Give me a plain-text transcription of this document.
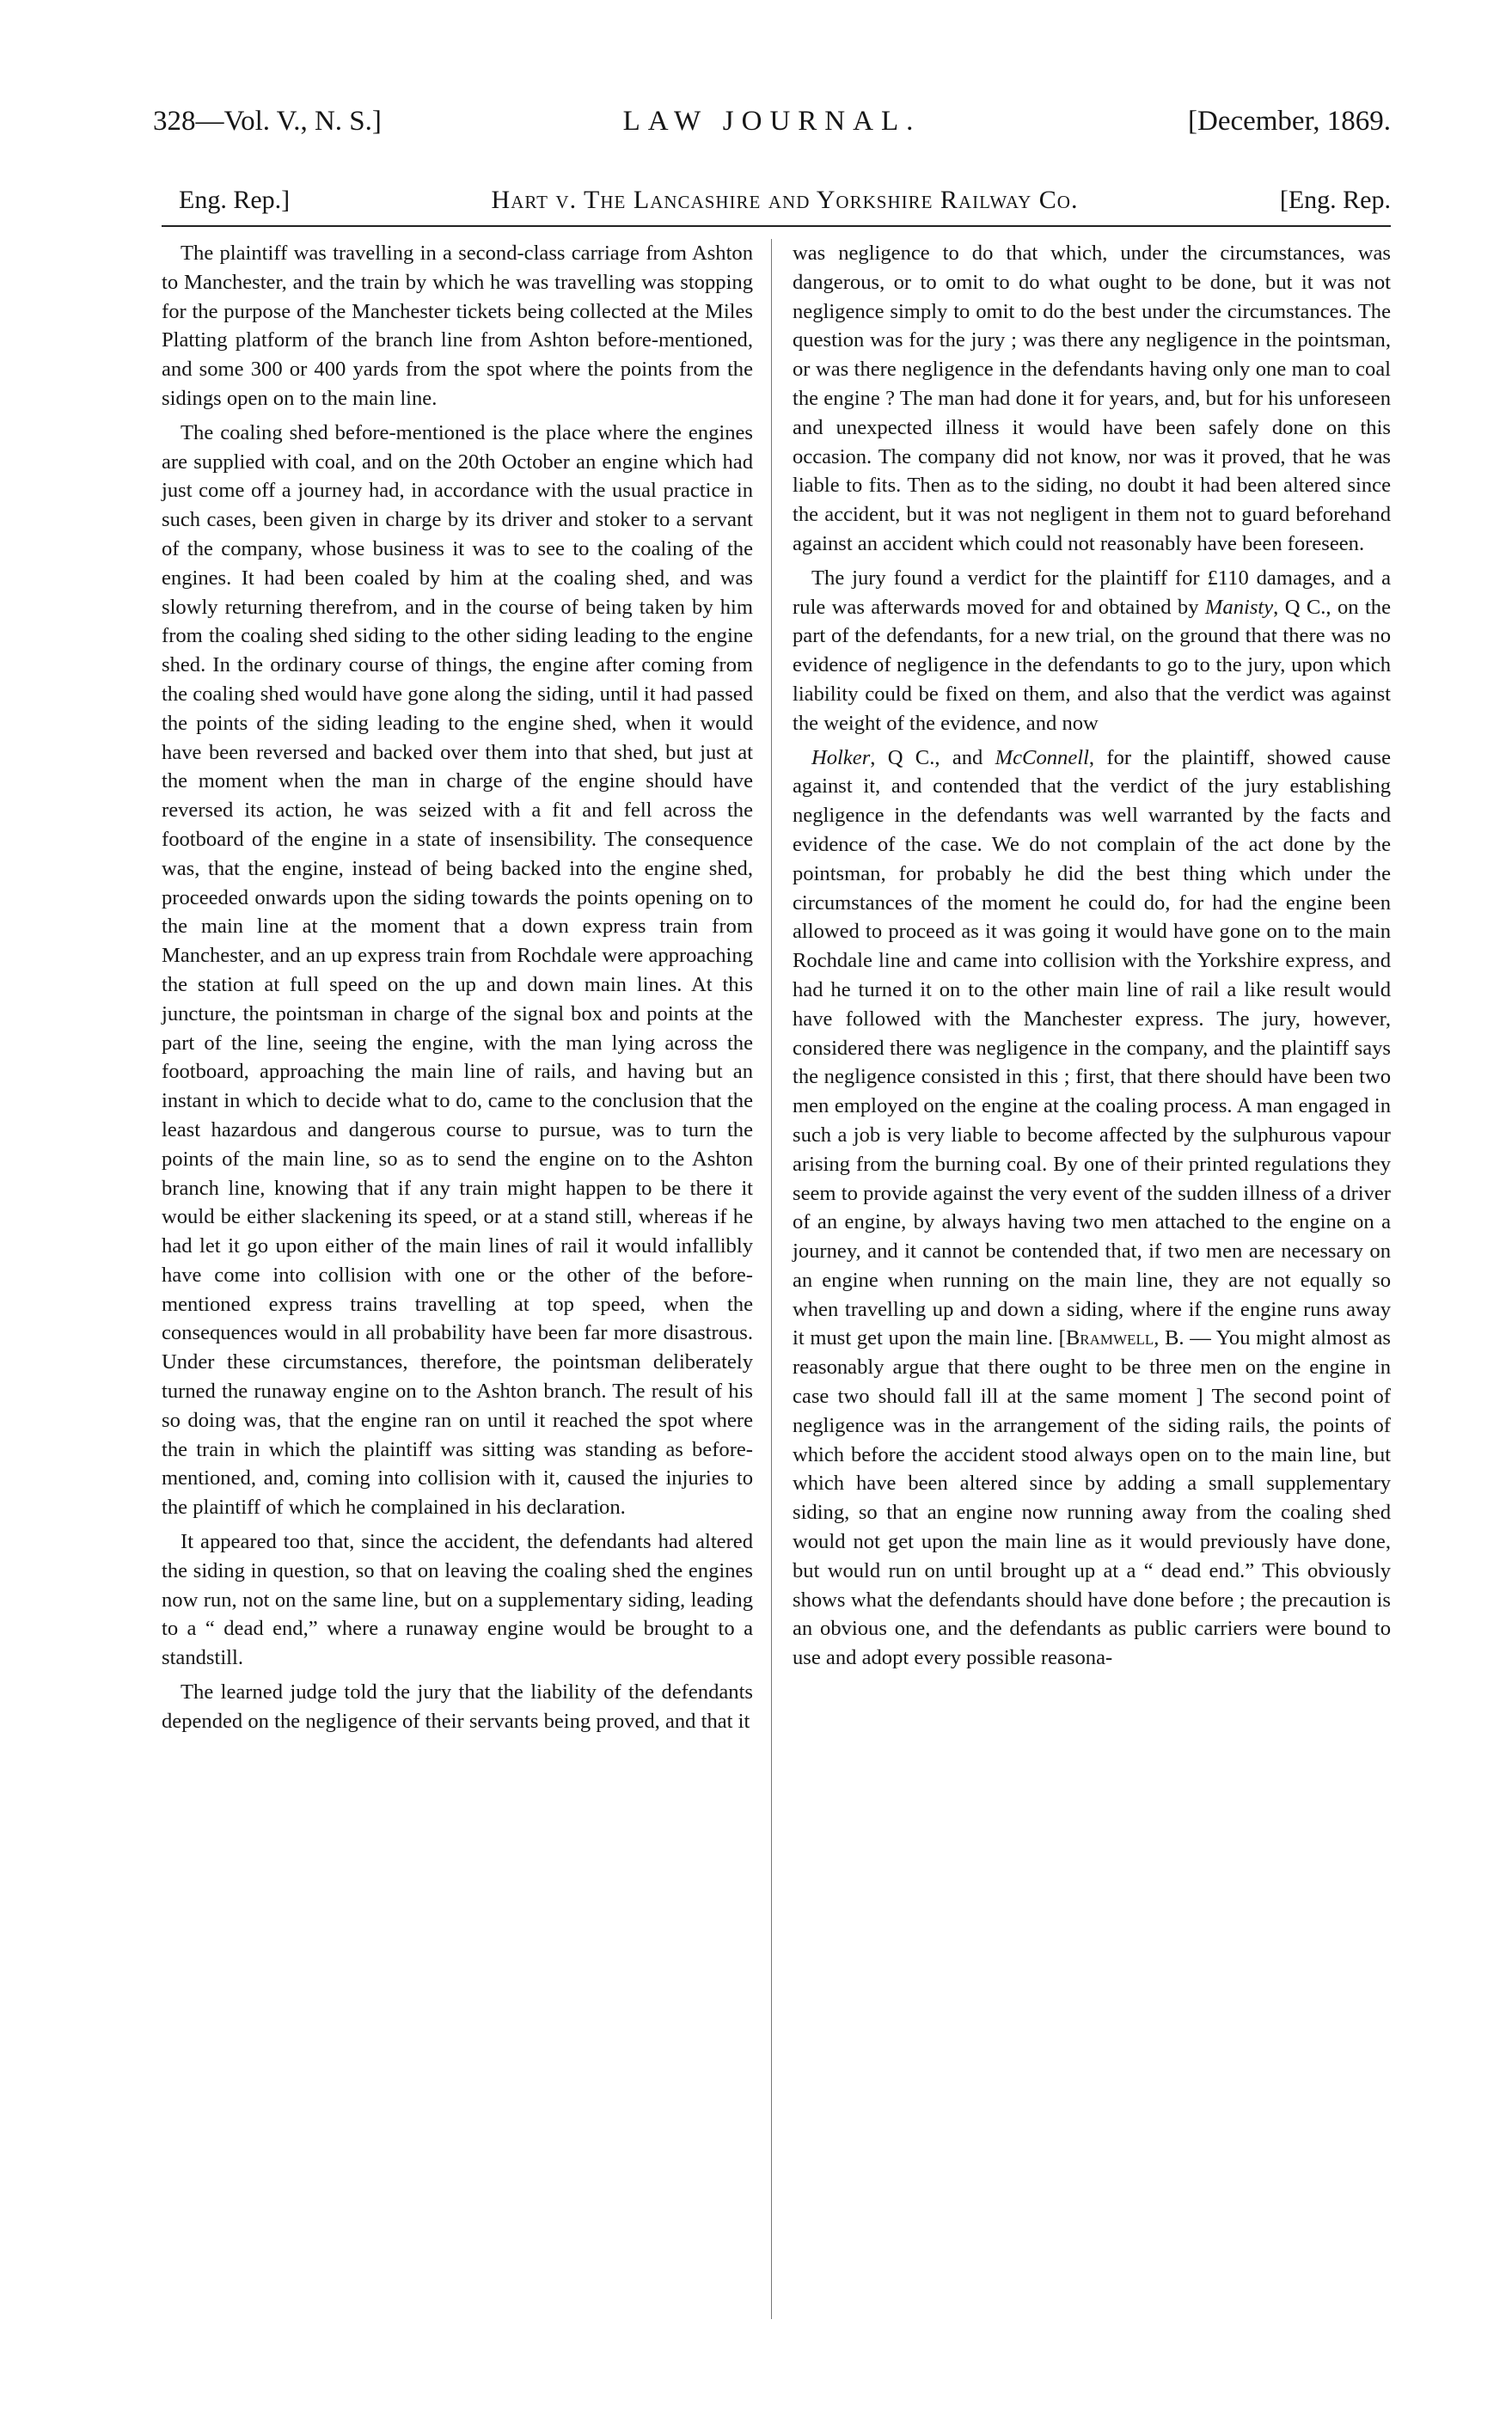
328—Vol. V., N. S.]	LAW JOURNAL.	[December, 1869.
Eng. Rep.]	Hart v. The Lancashire and Yorkshire Railway Co.	[Eng. Rep.

The plaintiff was travelling in a second-class carriage from Ashton to Manchester, and the train by which he was travelling was stopping for the purpose of the Manchester tickets being collected at the Miles Platting platform of the branch line from Ashton before-mentioned, and some 300 or 400 yards from the spot where the points from the sidings open on to the main line.

The coaling shed before-mentioned is the place where the engines are supplied with coal, and on the 20th October an engine which had just come off a journey had, in accordance with the usual practice in such cases, been given in charge by its driver and stoker to a servant of the company, whose business it was to see to the coaling of the engines. It had been coaled by him at the coaling shed, and was slowly returning therefrom, and in the course of being taken by him from the coaling shed siding to the other siding leading to the engine shed. In the ordinary course of things, the engine after coming from the coaling shed would have gone along the siding, until it had passed the points of the siding leading to the engine shed, when it would have been reversed and backed over them into that shed, but just at the moment when the man in charge of the engine should have reversed its action, he was seized with a fit and fell across the footboard of the engine in a state of insensibility. The consequence was, that the engine, instead of being backed into the engine shed, proceeded onwards upon the siding towards the points opening on to the main line at the moment that a down express train from Manchester, and an up express train from Rochdale were approaching the station at full speed on the up and down main lines. At this juncture, the pointsman in charge of the signal box and points at the part of the line, seeing the engine, with the man lying across the footboard, approaching the main line of rails, and having but an instant in which to decide what to do, came to the conclusion that the least hazardous and dangerous course to pursue, was to turn the points of the main line, so as to send the engine on to the Ashton branch line, knowing that if any train might happen to be there it would be either slackening its speed, or at a stand still, whereas if he had let it go upon either of the main lines of rail it would infallibly have come into collision with one or the other of the before-mentioned express trains travelling at top speed, when the consequences would in all probability have been far more disastrous. Under these circumstances, therefore, the pointsman deliberately turned the runaway engine on to the Ashton branch. The result of his so doing was, that the engine ran on until it reached the spot where the train in which the plaintiff was sitting was standing as before-mentioned, and, coming into collision with it, caused the injuries to the plaintiff of which he complained in his declaration.

It appeared too that, since the accident, the defendants had altered the siding in question, so that on leaving the coaling shed the engines now run, not on the same line, but on a supplementary siding, leading to a “ dead end,” where a runaway engine would be brought to a standstill.

The learned judge told the jury that the liability of the defendants depended on the negligence of their servants being proved, and that it

was negligence to do that which, under the circumstances, was dangerous, or to omit to do what ought to be done, but it was not negligence simply to omit to do the best under the circumstances. The question was for the jury ; was there any negligence in the pointsman, or was there negligence in the defendants having only one man to coal the engine ? The man had done it for years, and, but for his unforeseen and unexpected illness it would have been safely done on this occasion. The company did not know, nor was it proved, that he was liable to fits. Then as to the siding, no doubt it had been altered since the accident, but it was not negligent in them not to guard beforehand against an accident which could not reasonably have been foreseen.

The jury found a verdict for the plaintiff for £110 damages, and a rule was afterwards moved for and obtained by Manisty, Q C., on the part of the defendants, for a new trial, on the ground that there was no evidence of negligence in the defendants to go to the jury, upon which liability could be fixed on them, and also that the verdict was against the weight of the evidence, and now

Holker, Q C., and McConnell, for the plaintiff, showed cause against it, and contended that the verdict of the jury establishing negligence in the defendants was well warranted by the facts and evidence of the case. We do not complain of the act done by the pointsman, for probably he did the best thing which under the circumstances of the moment he could do, for had the engine been allowed to proceed as it was going it would have gone on to the main Rochdale line and came into collision with the Yorkshire express, and had he turned it on to the other main line of rail a like result would have followed with the Manchester express. The jury, however, considered there was negligence in the company, and the plaintiff says the negligence consisted in this ; first, that there should have been two men employed on the engine at the coaling process. A man engaged in such a job is very liable to become affected by the sulphurous vapour arising from the burning coal. By one of their printed regulations they seem to provide against the very event of the sudden illness of a driver of an engine, by always having two men attached to the engine on a journey, and it cannot be contended that, if two men are necessary on an engine when running on the main line, they are not equally so when travelling up and down a siding, where if the engine runs away it must get upon the main line. [Bramwell, B. — You might almost as reasonably argue that there ought to be three men on the engine in case two should fall ill at the same moment ] The second point of negligence was in the arrangement of the siding rails, the points of which before the accident stood always open on to the main line, but which have been altered since by adding a small supplementary siding, so that an engine now running away from the coaling shed would not get upon the main line as it would previously have done, but would run on until brought up at a “ dead end.” This obviously shows what the defendants should have done before ; the precaution is an obvious one, and the defendants as public carriers were bound to use and adopt every possible reasona-
